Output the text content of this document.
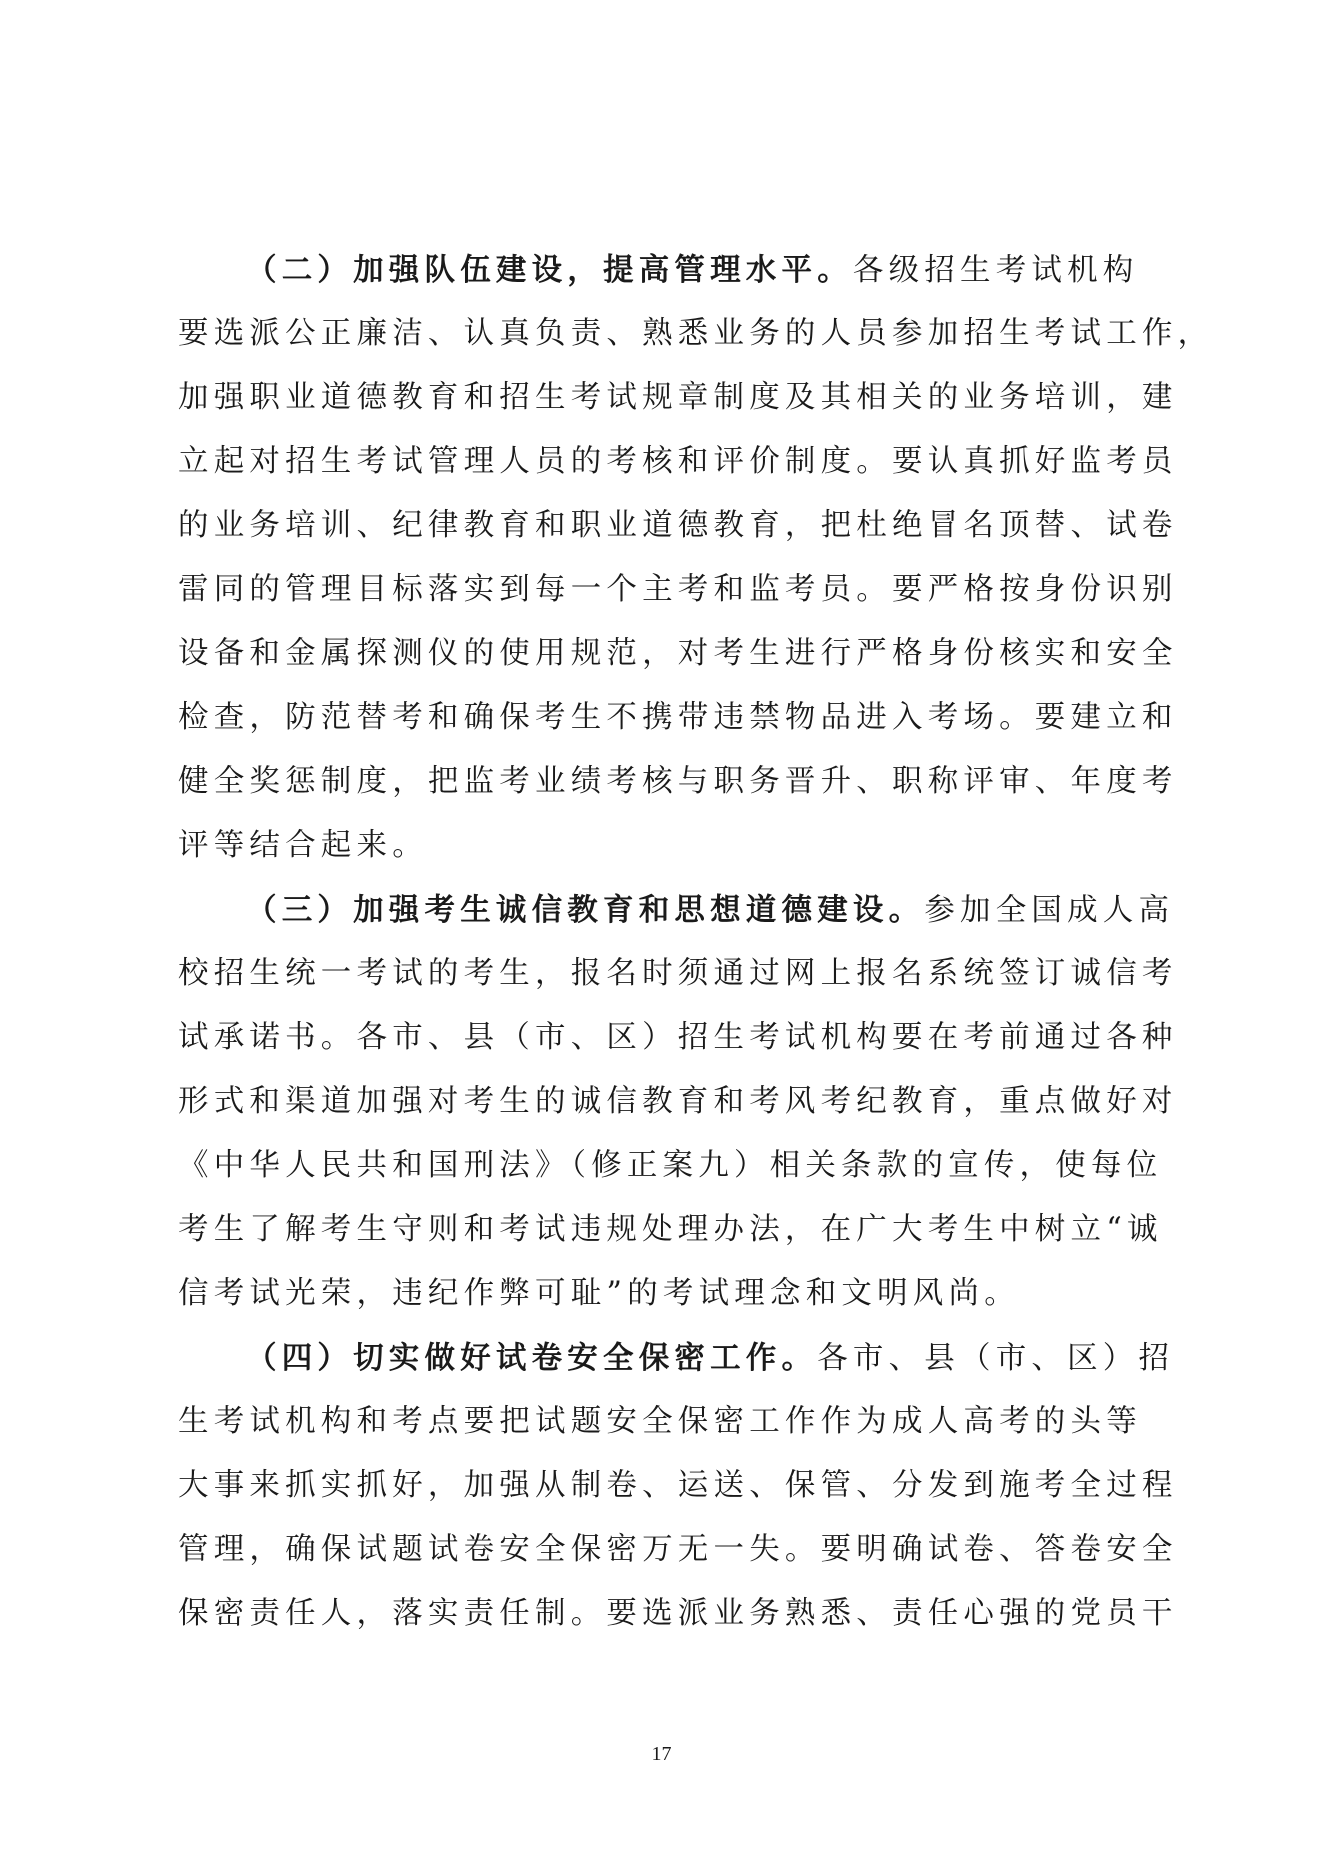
（二）加强队伍建设，提高管理水平。各级招生考试机构
要选派公正廉洁、认真负责、熟悉业务的人员参加招生考试工作，
加强职业道德教育和招生考试规章制度及其相关的业务培训，建
立起对招生考试管理人员的考核和评价制度。要认真抓好监考员
的业务培训、纪律教育和职业道德教育，把杜绝冒名顶替、试卷
雷同的管理目标落实到每一个主考和监考员。要严格按身份识别
设备和金属探测仪的使用规范，对考生进行严格身份核实和安全
检查，防范替考和确保考生不携带违禁物品进入考场。要建立和
健全奖惩制度，把监考业绩考核与职务晋升、职称评审、年度考
评等结合起来。
（三）加强考生诚信教育和思想道德建设。参加全国成人高
校招生统一考试的考生，报名时须通过网上报名系统签订诚信考
试承诺书。各市、县（市、区）招生考试机构要在考前通过各种
形式和渠道加强对考生的诚信教育和考风考纪教育，重点做好对
《中华人民共和国刑法》（修正案九）相关条款的宣传，使每位
考生了解考生守则和考试违规处理办法，在广大考生中树立“诚
信考试光荣，违纪作弊可耻”的考试理念和文明风尚。
（四）切实做好试卷安全保密工作。各市、县（市、区）招
生考试机构和考点要把试题安全保密工作作为成人高考的头等
大事来抓实抓好，加强从制卷、运送、保管、分发到施考全过程
管理，确保试题试卷安全保密万无一失。要明确试卷、答卷安全
保密责任人，落实责任制。要选派业务熟悉、责任心强的党员干
17
